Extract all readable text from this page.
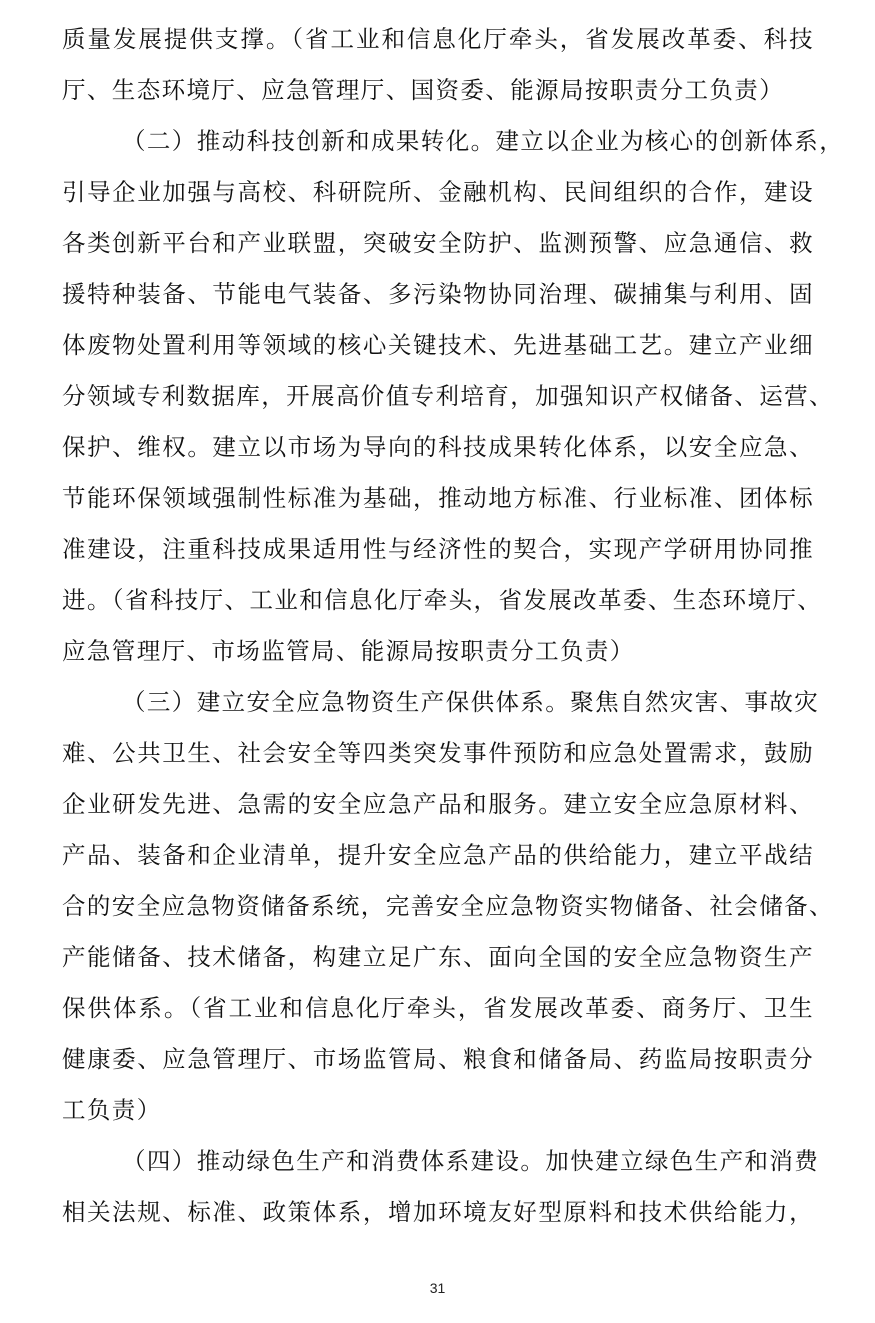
质量发展提供支撑。（省工业和信息化厅牵头，省发展改革委、科技
厅、生态环境厅、应急管理厅、国资委、能源局按职责分工负责）
（二）推动科技创新和成果转化。建立以企业为核心的创新体系，
引导企业加强与高校、科研院所、金融机构、民间组织的合作，建设
各类创新平台和产业联盟，突破安全防护、监测预警、应急通信、救
援特种装备、节能电气装备、多污染物协同治理、碳捕集与利用、固
体废物处置利用等领域的核心关键技术、先进基础工艺。建立产业细
分领域专利数据库，开展高价值专利培育，加强知识产权储备、运营、
保护、维权。建立以市场为导向的科技成果转化体系，以安全应急、
节能环保领域强制性标准为基础，推动地方标准、行业标准、团体标
准建设，注重科技成果适用性与经济性的契合，实现产学研用协同推
进。（省科技厅、工业和信息化厅牵头，省发展改革委、生态环境厅、
应急管理厅、市场监管局、能源局按职责分工负责）
（三）建立安全应急物资生产保供体系。聚焦自然灾害、事故灾
难、公共卫生、社会安全等四类突发事件预防和应急处置需求，鼓励
企业研发先进、急需的安全应急产品和服务。建立安全应急原材料、
产品、装备和企业清单，提升安全应急产品的供给能力，建立平战结
合的安全应急物资储备系统，完善安全应急物资实物储备、社会储备、
产能储备、技术储备，构建立足广东、面向全国的安全应急物资生产
保供体系。（省工业和信息化厅牵头，省发展改革委、商务厅、卫生
健康委、应急管理厅、市场监管局、粮食和储备局、药监局按职责分
工负责）
（四）推动绿色生产和消费体系建设。加快建立绿色生产和消费
相关法规、标准、政策体系，增加环境友好型原料和技术供给能力，
31
